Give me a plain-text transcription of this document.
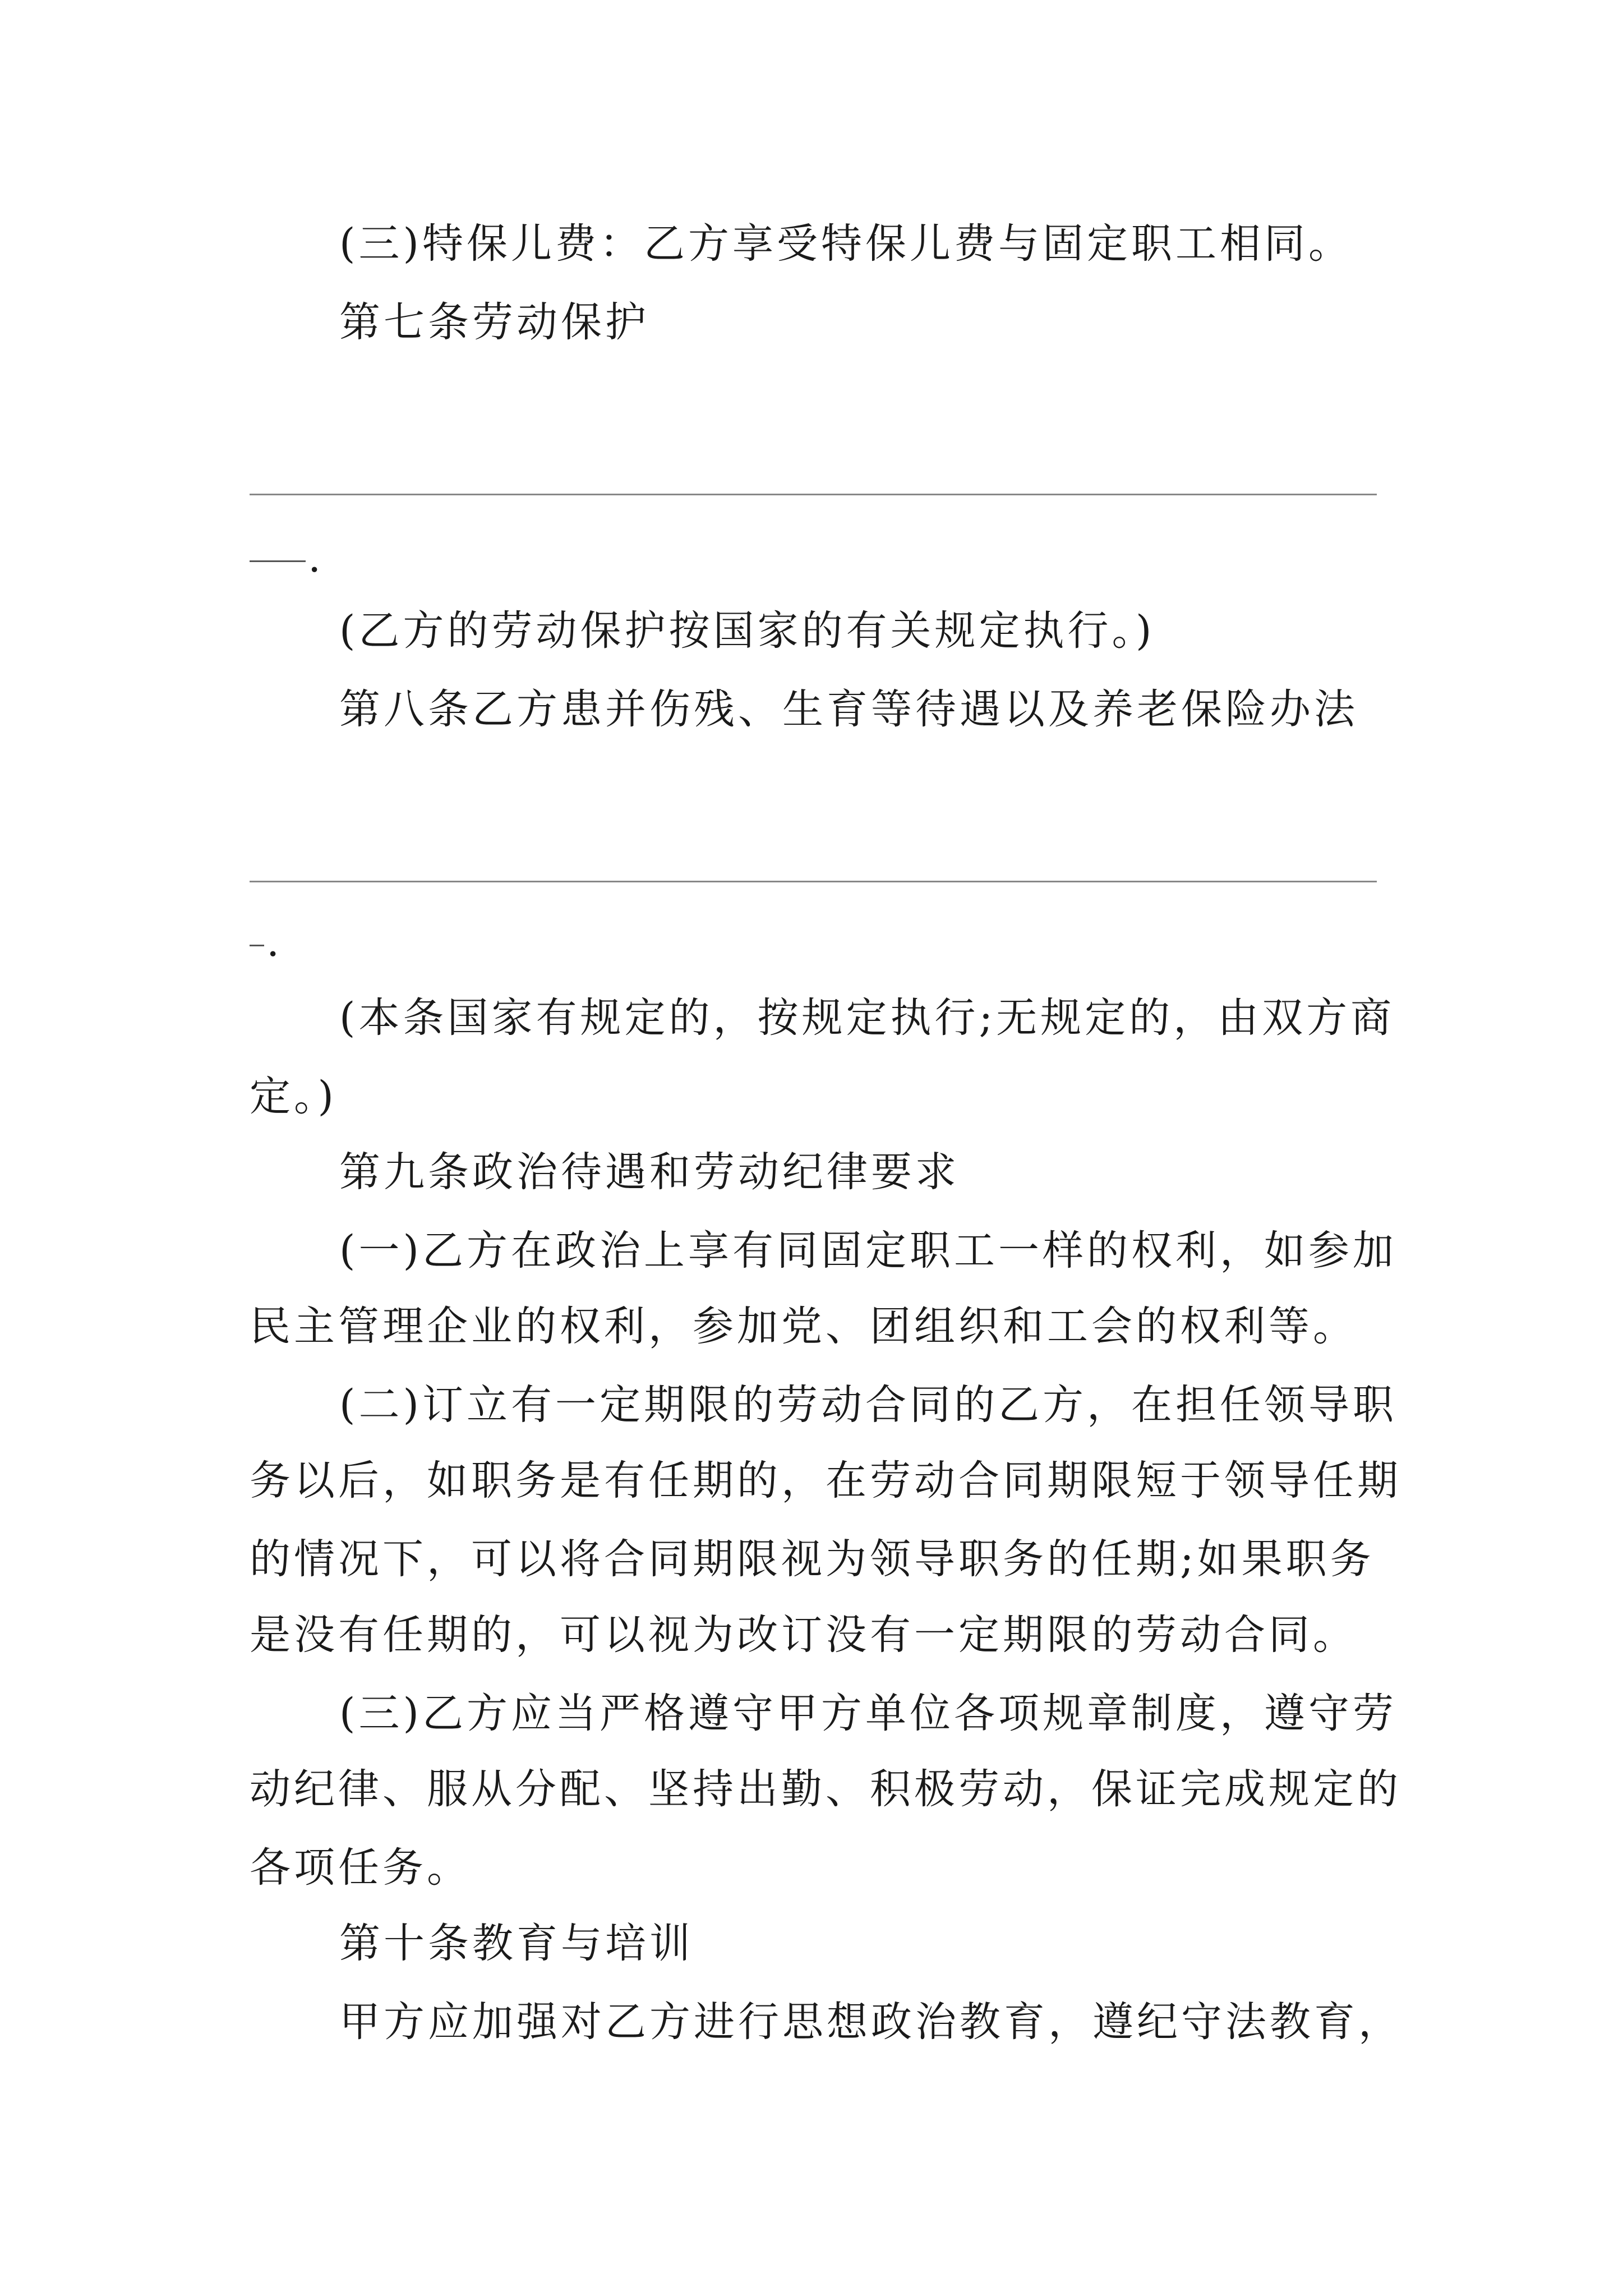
(三)特保儿费：乙方享受特保儿费与固定职工相同。
第七条劳动保护
.
(乙方的劳动保护按国家的有关规定执行。)
第八条乙方患并伤残、生育等待遇以及养老保险办法
.
(本条国家有规定的，按规定执行;无规定的，由双方商
定。)
第九条政治待遇和劳动纪律要求
(一)乙方在政治上享有同固定职工一样的权利，如参加
民主管理企业的权利，参加党、团组织和工会的权利等。
(二)订立有一定期限的劳动合同的乙方，在担任领导职
务以后，如职务是有任期的，在劳动合同期限短于领导任期
的情况下，可以将合同期限视为领导职务的任期;如果职务
是没有任期的，可以视为改订没有一定期限的劳动合同。
(三)乙方应当严格遵守甲方单位各项规章制度，遵守劳
动纪律、服从分配、坚持出勤、积极劳动，保证完成规定的
各项任务。
第十条教育与培训
甲方应加强对乙方进行思想政治教育，遵纪守法教育，
